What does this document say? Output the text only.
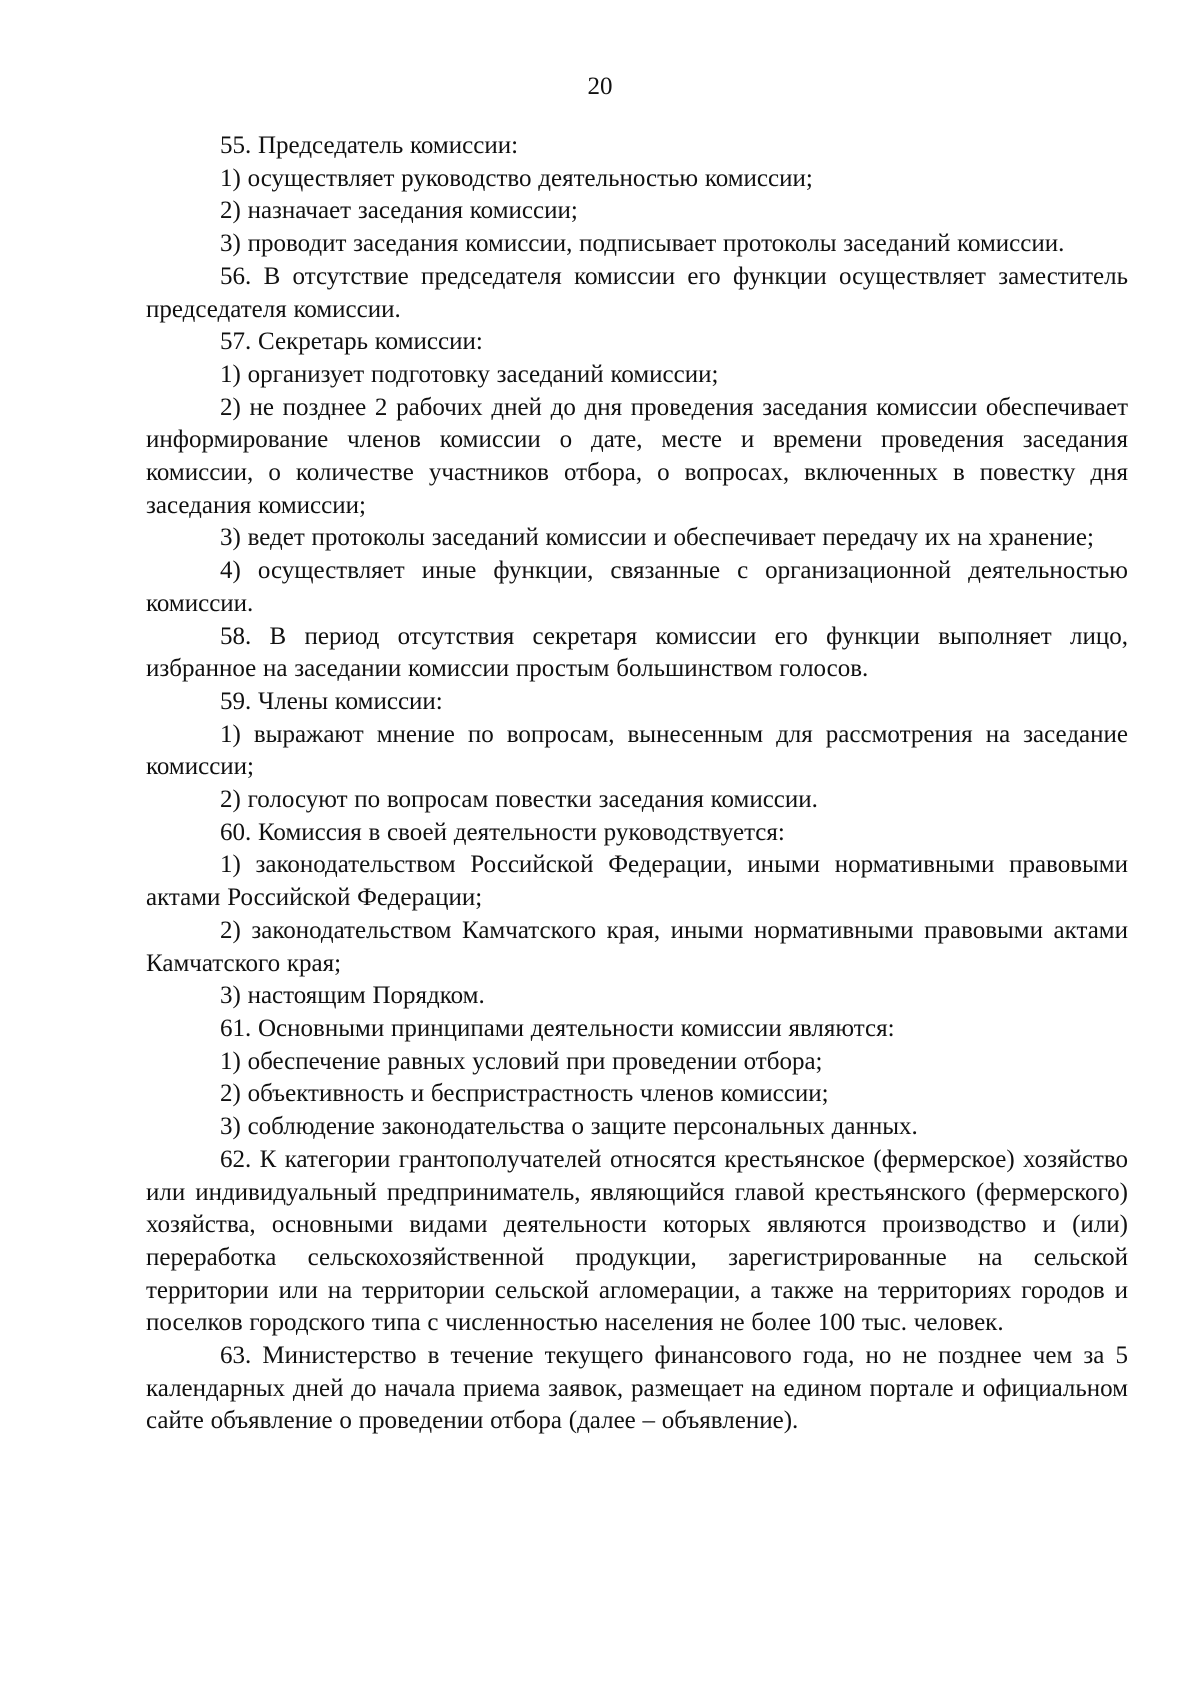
20

55. Председатель комиссии:

1) осуществляет руководство деятельностью комиссии;

2) назначает заседания комиссии;

3) проводит заседания комиссии, подписывает протоколы заседаний комиссии.

56. В отсутствие председателя комиссии его функции осуществляет заместитель председателя комиссии.

57. Секретарь комиссии:

1) организует подготовку заседаний комиссии;

2) не позднее 2 рабочих дней до дня проведения заседания комиссии обеспечивает информирование членов комиссии о дате, месте и времени проведения заседания комиссии, о количестве участников отбора, о вопросах, включенных в повестку дня заседания комиссии;

3) ведет протоколы заседаний комиссии и обеспечивает передачу их на хранение;

4) осуществляет иные функции, связанные с организационной деятельностью комиссии.

58. В период отсутствия секретаря комиссии его функции выполняет лицо, избранное на заседании комиссии простым большинством голосов.

59. Члены комиссии:

1) выражают мнение по вопросам, вынесенным для рассмотрения на заседание комиссии;

2) голосуют по вопросам повестки заседания комиссии.

60. Комиссия в своей деятельности руководствуется:

1) законодательством Российской Федерации, иными нормативными правовыми актами Российской Федерации;

2) законодательством Камчатского края, иными нормативными правовыми актами Камчатского края;

3) настоящим Порядком.

61. Основными принципами деятельности комиссии являются:

1) обеспечение равных условий при проведении отбора;

2) объективность и беспристрастность членов комиссии;

3) соблюдение законодательства о защите персональных данных.

62. К категории грантополучателей относятся крестьянское (фермерское) хозяйство или индивидуальный предприниматель, являющийся главой крестьянского (фермерского) хозяйства, основными видами деятельности которых являются производство и (или) переработка сельскохозяйственной продукции, зарегистрированные на сельской территории или на территории сельской агломерации, а также на территориях городов и поселков городского типа с численностью населения не более 100 тыс. человек.

63. Министерство в течение текущего финансового года, но не позднее чем за 5 календарных дней до начала приема заявок, размещает на едином портале и официальном сайте объявление о проведении отбора (далее – объявление).
